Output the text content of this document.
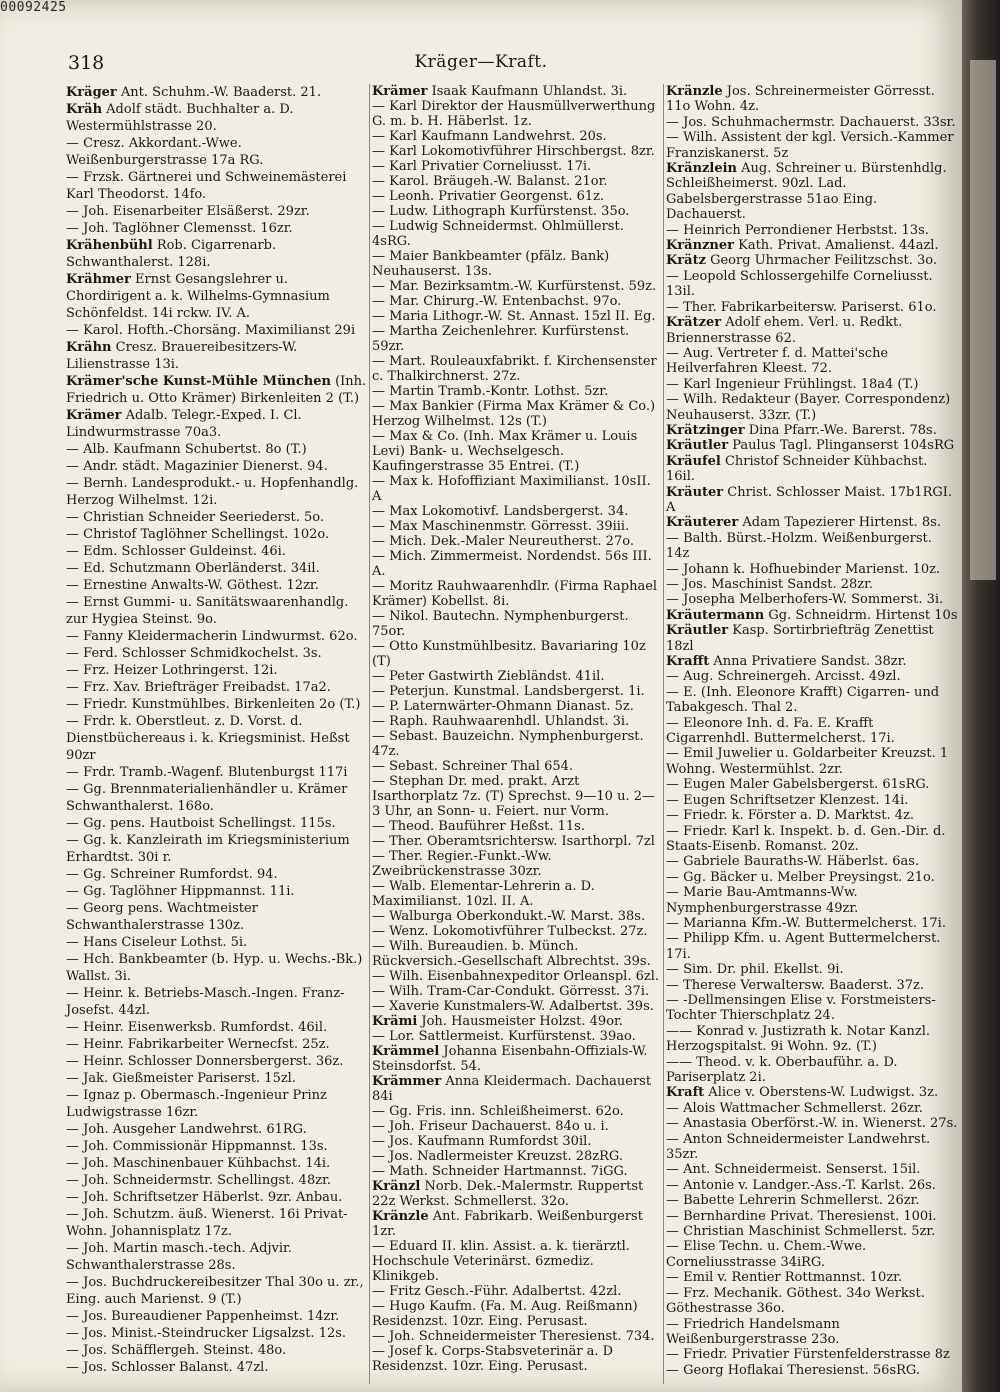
00092425
318	Kräger—Kraft.

Kräger Ant. Schuhm.-W. Baaderst. 21.

Kräh Adolf städt. Buchhalter a. D. Westermühlstrasse 20.

— Cresz. Akkordant.-Wwe. Weißenburgerstrasse 17a RG.

— Frzsk. Gärtnerei und Schweinemästerei Karl Theodorst. 14fo.

— Joh. Eisenarbeiter Elsäßerst. 29zr.

— Joh. Taglöhner Clemensst. 16zr.

Krähenbühl Rob. Cigarrenarb. Schwanthalerst. 128i.

Krähmer Ernst Gesangslehrer u. Chordirigent a. k. Wilhelms-Gymnasium Schönfeldst. 14i rckw. IV. A.

— Karol. Hofth.-Chorsäng. Maximilianst 29i

Krähn Cresz. Brauereibesitzers-W. Lilienstrasse 13i.

Krämer'sche Kunst-Mühle München (Inh. Friedrich u. Otto Krämer) Birkenleiten 2 (T.)

Krämer Adalb. Telegr.-Exped. I. Cl. Lindwurmstrasse 70a3.

— Alb. Kaufmann Schubertst. 8o (T.)

— Andr. städt. Magazinier Dienerst. 94.

— Bernh. Landesprodukt.- u. Hopfenhandlg. Herzog Wilhelmst. 12i.

— Christian Schneider Seeriederst. 5o.

— Christof Taglöhner Schellingst. 102o.

— Edm. Schlosser Guldeinst. 46i.

— Ed. Schutzmann Oberländerst. 34il.

— Ernestine Anwalts-W. Göthest. 12zr.

— Ernst Gummi- u. Sanitätswaarenhandlg. zur Hygiea Steinst. 9o.

— Fanny Kleidermacherin Lindwurmst. 62o.

— Ferd. Schlosser Schmidkochelst. 3s.

— Frz. Heizer Lothringerst. 12i.

— Frz. Xav. Briefträger Freibadst. 17a2.

— Friedr. Kunstmühlbes. Birkenleiten 2o (T.)

— Frdr. k. Oberstleut. z. D. Vorst. d. Dienstbüchereaus i. k. Kriegsminist. Heßst 90zr

— Frdr. Tramb.-Wagenf. Blutenburgst 117i

— Gg. Brennmaterialienhändler u. Krämer Schwanthalerst. 168o.

— Gg. pens. Hautboist Schellingst. 115s.

— Gg. k. Kanzleirath im Kriegsministerium Erhardtst. 30i r.

— Gg. Schreiner Rumfordst. 94.

— Gg. Taglöhner Hippmannst. 11i.

— Georg pens. Wachtmeister Schwanthalerstrasse 130z.

— Hans Ciseleur Lothst. 5i.

— Hch. Bankbeamter (b. Hyp. u. Wechs.-Bk.) Wallst. 3i.

— Heinr. k. Betriebs-Masch.-Ingen. Franz-Josefst. 44zl.

— Heinr. Eisenwerksb. Rumfordst. 46il.

— Heinr. Fabrikarbeiter Wernecfst. 25z.

— Heinr. Schlosser Donnersbergerst. 36z.

— Jak. Gießmeister Pariserst. 15zl.

— Ignaz p. Obermasch.-Ingenieur Prinz Ludwigstrasse 16zr.

— Joh. Ausgeher Landwehrst. 61RG.

— Joh. Commissionär Hippmannst. 13s.

— Joh. Maschinenbauer Kühbachst. 14i.

— Joh. Schneidermstr. Schellingst. 48zr.

— Joh. Schriftsetzer Häberlst. 9zr. Anbau.

— Joh. Schutzm. äuß. Wienerst. 16i Privat-Wohn. Johannisplatz 17z.

— Joh. Martin masch.-tech. Adjvir. Schwanthalerstrasse 28s.

— Jos. Buchdruckereibesitzer Thal 30o u. zr., Eing. auch Marienst. 9 (T.)

— Jos. Bureaudiener Pappenheimst. 14zr.

— Jos. Minist.-Steindrucker Ligsalzst. 12s.

— Jos. Schäfflergeh. Steinst. 48o.

— Jos. Schlosser Balanst. 47zl.

Krämer Isaak Kaufmann Uhlandst. 3i.

— Karl Direktor der Hausmüllverwerthung G. m. b. H. Häberlst. 1z.

— Karl Kaufmann Landwehrst. 20s.

— Karl Lokomotivführer Hirschbergst. 8zr.

— Karl Privatier Corneliusst. 17i.

— Karol. Bräugeh.-W. Balanst. 21or.

— Leonh. Privatier Georgenst. 61z.

— Ludw. Lithograph Kurfürstenst. 35o.

— Ludwig Schneidermst. Ohlmüllerst. 4sRG.

— Maier Bankbeamter (pfälz. Bank) Neuhauserst. 13s.

— Mar. Bezirksamtm.-W. Kurfürstenst. 59z.

— Mar. Chirurg.-W. Entenbachst. 97o.

— Maria Lithogr.-W. St. Annast. 15zl II. Eg.

— Martha Zeichenlehrer. Kurfürstenst. 59zr.

— Mart. Rouleauxfabrikt. f. Kirchensenster c. Thalkirchnerst. 27z.

— Martin Tramb.-Kontr. Lothst. 5zr.

— Max Bankier (Firma Max Krämer & Co.) Herzog Wilhelmst. 12s (T.)

— Max & Co. (Inh. Max Krämer u. Louis Levi) Bank- u. Wechselgesch. Kaufingerstrasse 35 Entrei. (T.)

— Max k. Hofoffiziant Maximilianst. 10sII. A

— Max Lokomotivf. Landsbergerst. 34.

— Max Maschinenmstr. Görresst. 39iii.

— Mich. Dek.-Maler Neureutherst. 27o.

— Mich. Zimmermeist. Nordendst. 56s III. A.

— Moritz Rauhwaarenhdlr. (Firma Raphael Krämer) Kobellst. 8i.

— Nikol. Bautechn. Nymphenburgerst. 75or.

— Otto Kunstmühlbesitz. Bavariaring 10z (T)

— Peter Gastwirth Ziebländst. 41il.

— Peterjun. Kunstmal. Landsbergerst. 1i.

— P. Laternwärter-Ohmann Dianast. 5z.

— Raph. Rauhwaarenhdl. Uhlandst. 3i.

— Sebast. Bauzeichn. Nymphenburgerst. 47z.

— Sebast. Schreiner Thal 654.

— Stephan Dr. med. prakt. Arzt Isarthorplatz 7z. (T) Sprechst. 9—10 u. 2—3 Uhr, an Sonn- u. Feiert. nur Vorm.

— Theod. Bauführer Heßst. 11s.

— Ther. Oberamtsrichtersw. Isarthorpl. 7zl

— Ther. Regier.-Funkt.-Ww. Zweibrückenstrasse 30zr.

— Walb. Elementar-Lehrerin a. D. Maximilianst. 10zl. II. A.

— Walburga Oberkondukt.-W. Marst. 38s.

— Wenz. Lokomotivführer Tulbeckst. 27z.

— Wilh. Bureaudien. b. Münch. Rückversich.-Gesellschaft Albrechtst. 39s.

— Wilh. Eisenbahnexpeditor Orleanspl. 6zl.

— Wilh. Tram-Car-Condukt. Görresst. 37i.

— Xaverie Kunstmalers-W. Adalbertst. 39s.

Krämi Joh. Hausmeister Holzst. 49or.

— Lor. Sattlermeist. Kurfürstenst. 39ao.

Krämmel Johanna Eisenbahn-Offizials-W. Steinsdorfst. 54.

Krämmer Anna Kleidermach. Dachauerst 84i

— Gg. Fris. inn. Schleißheimerst. 62o.

— Joh. Friseur Dachauerst. 84o u. i.

— Jos. Kaufmann Rumfordst 30il.

— Jos. Nadlermeister Kreuzst. 28zRG.

— Math. Schneider Hartmannst. 7iGG.

Kränzl Norb. Dek.-Malermstr. Ruppertst 22z Werkst. Schmellerst. 32o.

Kränzle Ant. Fabrikarb. Weißenburgerst 1zr.

— Eduard II. klin. Assist. a. k. tierärztl. Hochschule Veterinärst. 6zmediz. Klinikgeb.

— Fritz Gesch.-Führ. Adalbertst. 42zl.

— Hugo Kaufm. (Fa. M. Aug. Reißmann) Residenzst. 10zr. Eing. Perusast.

— Joh. Schneidermeister Theresienst. 734.

— Josef k. Corps-Stabsveterinär a. D Residenzst. 10zr. Eing. Perusast.

Kränzle Jos. Schreinermeister Görresst. 11o Wohn. 4z.

— Jos. Schuhmachermstr. Dachauerst. 33sr.

— Wilh. Assistent der kgl. Versich.-Kammer Franziskanerst. 5z

Kränzlein Aug. Schreiner u. Bürstenhdlg. Schleißheimerst. 90zl. Lad. Gabelsbergerstrasse 51ao Eing. Dachauerst.

— Heinrich Perrondiener Herbstst. 13s.

Kränzner Kath. Privat. Amalienst. 44azl.

Krätz Georg Uhrmacher Feilitzschst. 3o.

— Leopold Schlossergehilfe Corneliusst. 13il.

— Ther. Fabrikarbeitersw. Pariserst. 61o.

Krätzer Adolf ehem. Verl. u. Redkt. Briennerstrasse 62.

— Aug. Vertreter f. d. Mattei'sche Heilverfahren Kleest. 72.

— Karl Ingenieur Frühlingst. 18a4 (T.)

— Wilh. Redakteur (Bayer. Correspondenz) Neuhauserst. 33zr. (T.)

Krätzinger Dina Pfarr.-We. Barerst. 78s.

Kräutler Paulus Tagl. Plinganserst 104sRG

Kräufel Christof Schneider Kühbachst. 16il.

Kräuter Christ. Schlosser Maist. 17b1RGI. A

Kräuterer Adam Tapezierer Hirtenst. 8s.

— Balth. Bürst.-Holzm. Weißenburgerst. 14z

— Johann k. Hofhuebinder Marienst. 10z.

— Jos. Maschinist Sandst. 28zr.

— Josepha Melberhofers-W. Sommerst. 3i.

Kräutermann Gg. Schneidrm. Hirtenst 10s

Kräutler Kasp. Sortirbriefträg Zenettist 18zl

Krafft Anna Privatiere Sandst. 38zr.

— Aug. Schreinergeh. Arcisst. 49zl.

— E. (Inh. Eleonore Krafft) Cigarren- und Tabakgesch. Thal 2.

— Eleonore Inh. d. Fa. E. Krafft Cigarrenhdl. Buttermelcherst. 17i.

— Emil Juwelier u. Goldarbeiter Kreuzst. 1 Wohng. Westermühlst. 2zr.

— Eugen Maler Gabelsbergerst. 61sRG.

— Eugen Schriftsetzer Klenzest. 14i.

— Friedr. k. Förster a. D. Marktst. 4z.

— Friedr. Karl k. Inspekt. b. d. Gen.-Dir. d. Staats-Eisenb. Romanst. 20z.

— Gabriele Bauraths-W. Häberlst. 6as.

— Gg. Bäcker u. Melber Preysingst. 21o.

— Marie Bau-Amtmanns-Ww. Nymphenburgerstrasse 49zr.

— Marianna Kfm.-W. Buttermelcherst. 17i.

— Philipp Kfm. u. Agent Buttermelcherst. 17i.

— Sim. Dr. phil. Ekellst. 9i.

— Therese Verwaltersw. Baaderst. 37z.

— -Dellmensingen Elise v. Forstmeisters-Tochter Thierschplatz 24.

—— Konrad v. Justizrath k. Notar Kanzl. Herzogspitalst. 9i Wohn. 9z. (T.)

—— Theod. v. k. Oberbauführ. a. D. Pariserplatz 2i.

Kraft Alice v. Oberstens-W. Ludwigst. 3z.

— Alois Wattmacher Schmellerst. 26zr.

— Anastasia Oberförst.-W. in. Wienerst. 27s.

— Anton Schneidermeister Landwehrst. 35zr.

— Ant. Schneidermeist. Senserst. 15il.

— Antonie v. Landger.-Ass.-T. Karlst. 26s.

— Babette Lehrerin Schmellerst. 26zr.

— Bernhardine Privat. Theresienst. 100i.

— Christian Maschinist Schmellerst. 5zr.

— Elise Techn. u. Chem.-Wwe. Corneliusstrasse 34iRG.

— Emil v. Rentier Rottmannst. 10zr.

— Frz. Mechanik. Göthest. 34o Werkst. Göthestrasse 36o.

— Friedrich Handelsmann Weißenburgerstrasse 23o.

— Friedr. Privatier Fürstenfelderstrasse 8z

— Georg Hoflakai Theresienst. 56sRG.
